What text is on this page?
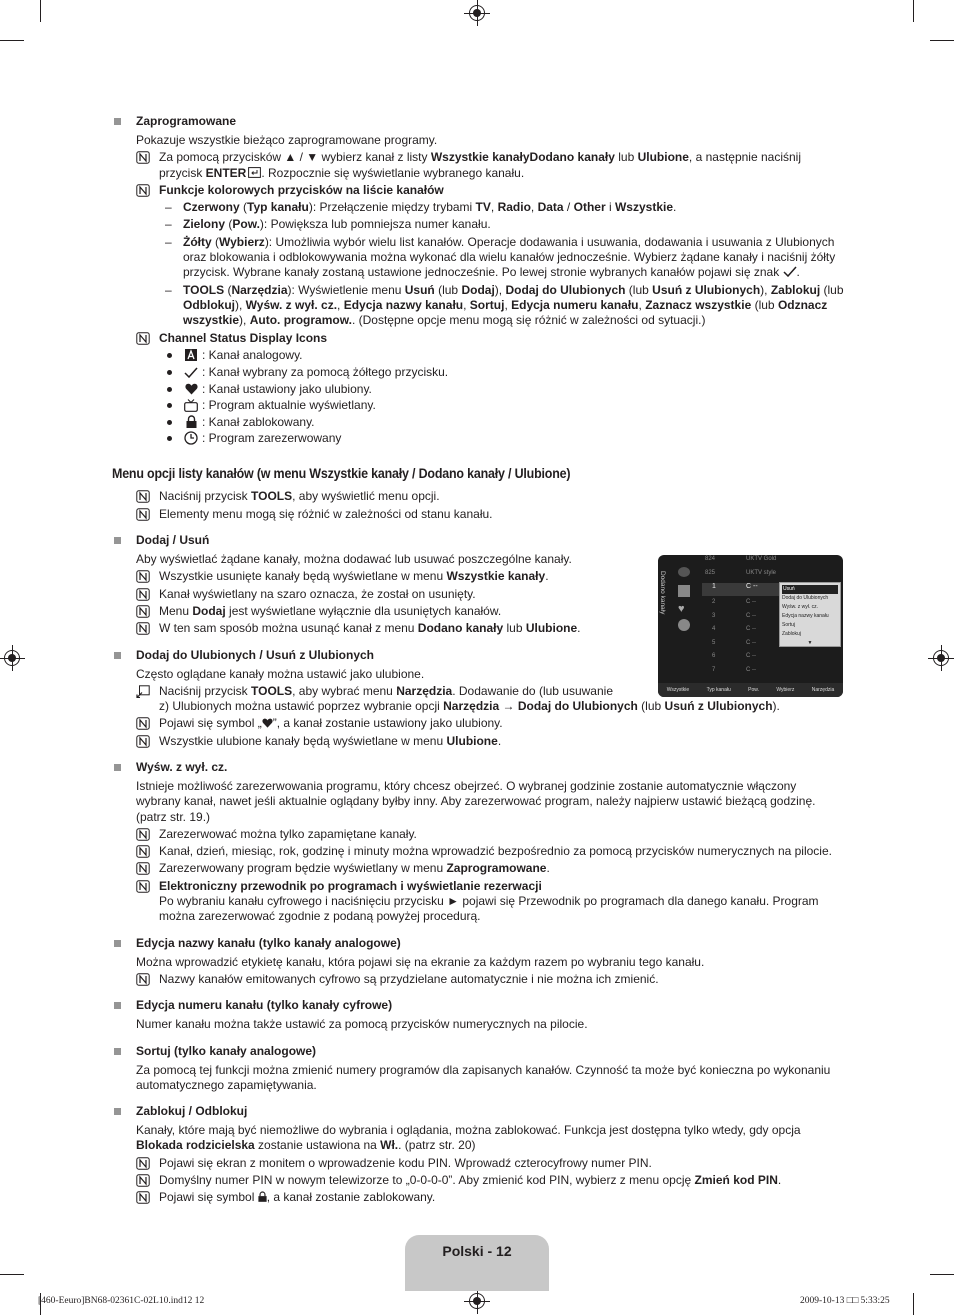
Zaprogramowane

Pokazuje wszystkie bieżąco zaprogramowane programy.

Za pomocą przycisków ▲ / ▼ wybierz kanał z listy Wszystkie kanałyDodano kanały lub Ulubione, a następnie naciśnij
przycisk ENTER . Rozpocznie się wyświetlanie wybranego kanału.

Funkcje kolorowych przycisków na liście kanałów

– Czerwony (Typ kanału): Przełączenie między trybami TV, Radio, Data / Other i Wszystkie.

– Zielony (Pow.): Powiększa lub pomniejsza numer kanału.

– Żółty (Wybierz): Umożliwia wybór wielu list kanałów. Operacje dodawania i usuwania, dodawania i usuwania z Ulubionych oraz blokowania i odblokowywania można wykonać dla wielu kanałów jednocześnie. Wybierz żądane kanały i naciśnij żółty przycisk. Wybrane kanały zostaną ustawione jednocześnie. Po lewej stronie wybranych kanałów pojawi się znak .

– TOOLS (Narzędzia): Wyświetlenie menu Usuń (lub Dodaj), Dodaj do Ulubionych (lub Usuń z Ulubionych), Zablokuj (lub Odblokuj), Wyśw. z wył. cz., Edycja nazwy kanału, Sortuj, Edycja numeru kanału, Zaznacz wszystkie (lub Odznacz wszystkie), Auto. programow.. (Dostępne opcje menu mogą się różnić w zależności od sytuacji.)

Channel Status Display Icons

: Kanał analogowy.
: Kanał wybrany za pomocą żółtego przycisku.
: Kanał ustawiony jako ulubiony.
: Program aktualnie wyświetlany.
: Kanał zablokowany.
: Program zarezerwowany
Menu opcji listy kanałów (w menu Wszystkie kanały / Dodano kanały / Ulubione)

Naciśnij przycisk TOOLS, aby wyświetlić menu opcji.

Elementy menu mogą się różnić w zależności od stanu kanału.

Dodaj / Usuń

Aby wyświetlać żądane kanały, można dodawać lub usuwać poszczególne kanały.

Wszystkie usunięte kanały będą wyświetlane w menu Wszystkie kanały.

Kanał wyświetlany na szaro oznacza, że został on usunięty.

Menu Dodaj jest wyświetlane wyłącznie dla usuniętych kanałów.

W ten sam sposób można usunąć kanał z menu Dodano kanały lub Ulubione.

Dodaj do Ulubionych / Usuń z Ulubionych

Często oglądane kanały można ustawić jako ulubione.

Naciśnij przycisk TOOLS, aby wybrać menu Narzędzia. Dodawanie do (lub usuwanie
z) Ulubionych można ustawić poprzez wybranie opcji Narzędzia → Dodaj do Ulubionych (lub Usuń z Ulubionych).

Pojawi się symbol „ ”, a kanał zostanie ustawiony jako ulubiony.

Wszystkie ulubione kanały będą wyświetlane w menu Ulubione.

Wyśw. z wył. cz.

Istnieje możliwość zarezerwowania programu, który chcesz obejrzeć. O wybranej godzinie zostanie automatycznie włączony wybrany kanał, nawet jeśli aktualnie oglądany byłby inny. Aby zarezerwować program, należy najpierw ustawić bieżącą godzinę. (patrz str. 19.)

Zarezerwować można tylko zapamiętane kanały.

Kanał, dzień, miesiąc, rok, godzinę i minuty można wprowadzić bezpośrednio za pomocą przycisków numerycznych na pilocie.

Zarezerwowany program będzie wyświetlany w menu Zaprogramowane.

Elektroniczny przewodnik po programach i wyświetlanie rezerwacji
Po wybraniu kanału cyfrowego i naciśnięciu przycisku ► pojawi się Przewodnik po programach dla danego kanału. Program można zarezerwować zgodnie z podaną powyżej procedurą.

Edycja nazwy kanału (tylko kanały analogowe)

Można wprowadzić etykietę kanału, która pojawi się na ekranie za każdym razem po wybraniu tego kanału.

Nazwy kanałów emitowanych cyfrowo są przydzielane automatycznie i nie można ich zmienić.

Edycja numeru kanału (tylko kanały cyfrowe)

Numer kanału można także ustawić za pomocą przycisków numerycznych na pilocie.

Sortuj (tylko kanały analogowe)

Za pomocą tej funkcji można zmienić numery programów dla zapisanych kanałów. Czynność ta może być konieczna po wykonaniu automatycznego zapamiętywania.

Zablokuj / Odblokuj

Kanały, które mają być niemożliwe do wybrania i oglądania, można zablokować. Funkcja jest dostępna tylko wtedy, gdy opcja Blokada rodzicielska zostanie ustawiona na Wł.. (patrz str. 20)

Pojawi się ekran z monitem o wprowadzenie kodu PIN. Wprowadź czterocyfrowy numer PIN.

Domyślny numer PIN w nowym telewizorze to „0-0-0-0”. Aby zmienić kod PIN, wybierz z menu opcję Zmień kod PIN.

Pojawi się symbol , a kanał zostanie zablokowany.

Dodano kanały ♥
824	UKTV Gold
825	UKTV style
1	C --
2	C --
3	C --
4	C --
5	C --
6	C --
7	C --
Usuń
Dodaj do Ulubionych
Wyśw. z wył. cz.
Edycja nazwy kanału
Sortuj
Zablokuj
▼
Wszystkie	Typ kanału	Pow.	Wybierz	Narzędzia
Polski - 12
[460-Eeuro]BN68-02361C-02L10.ind12 12	2009-10-13 □□ 5:33:25
